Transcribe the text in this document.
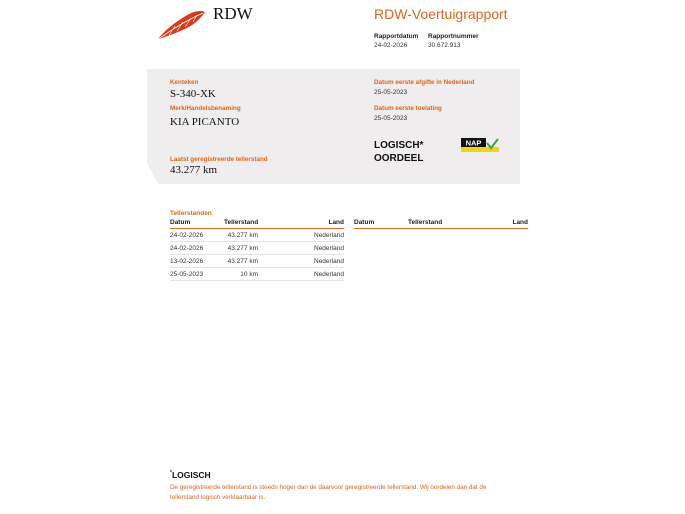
RDW	RDW-Voertuigrapport
Rapportdatum
24-02-2026
Rapportnummer
30.672.913
Kenteken
S-340-XK
Merk/Handelsbenaming
KIA PICANTO
Laatst geregistreerde tellerstand
43.277 km
Datum eerste afgifte in Nederland
25-05-2023
Datum eerste toelating
25-05-2023
LOGISCH*
OORDEEL
NAP
Tellerstanden
Datum	Tellerstand	Land
24-02-2026	43.277 km	Nederland
24-02-2026	43.277 km	Nederland
13-02-2026	43.277 km	Nederland
25-05-2023	10 km	Nederland
Datum	Tellerstand	Land
*LOGISCH
De geregistreerde tellerstand is steeds hoger dan de daarvoor geregistreerde tellerstand. Wij oordelen dan dat de tellerstand logisch verklaarbaar is.
